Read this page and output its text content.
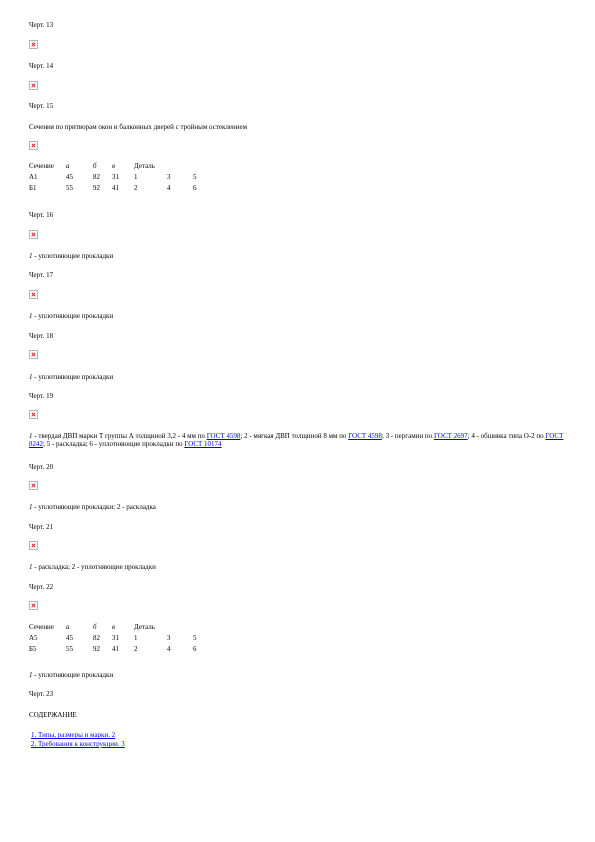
Черт. 13
Черт. 14
Черт. 15
Сечения по притворам окон и балконных дверей с тройным остеклением
Сечение	а	б	в	Деталь		
А1	45	82	31	1	3	5
Б1	55	92	41	2	4	6
Черт. 16
1 - уплотняющие прокладки
Черт. 17
1 - уплотняющие прокладки
Черт. 18
1 - уплотняющие прокладки
Черт. 19
1 - твердая ДВП марки Т группы А толщиной 3,2 - 4 мм по ГОСТ 4598; 2 - мягкая ДВП толщиной 8 мм по ГОСТ 4598; 3 - пергамин по ГОСТ 2697; 4 - обшивка типа О-2 по ГОСТ 8242; 5 - раскладка; 6 - уплотняющие прокладки по ГОСТ 10174
Черт. 20
1 - уплотняющие прокладки; 2 - раскладка
Черт. 21
1 - раскладка; 2 - уплотняющие прокладки
Черт. 22
Сечение	а	б	в	Деталь		
А5	45	82	31	1	3	5
Б5	55	92	41	2	4	6
1 - уплотняющие прокладки
Черт. 23
СОДЕРЖАНИЕ
1. Типы, размеры и марки. 2
2. Требования к конструкции. 3
